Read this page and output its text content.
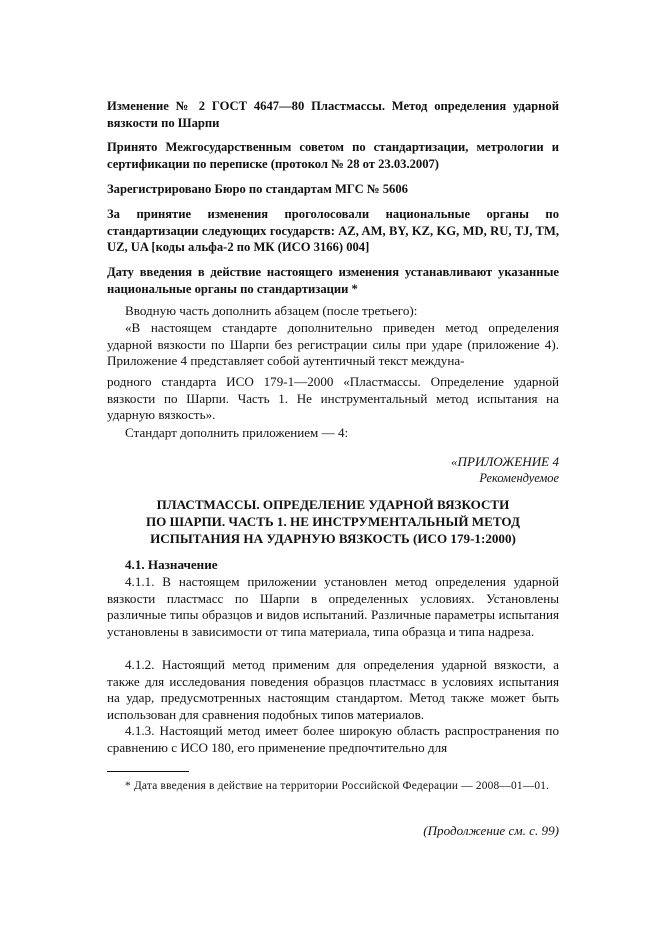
Изменение № 2 ГОСТ 4647—80 Пластмассы. Метод определения ударной вязкости по Шарпи

Принято Межгосударственным советом по стандартизации, метрологии и сертификации по переписке (протокол № 28 от 23.03.2007)

Зарегистрировано Бюро по стандартам МГС № 5606

За принятие изменения проголосовали национальные органы по стандартизации следующих государств: AZ, AM, BY, KZ, KG, MD, RU, TJ, TM, UZ, UA [коды альфа-2 по МК (ИСО 3166) 004]

Дату введения в действие настоящего изменения устанавливают указанные национальные органы по стандартизации *

Вводную часть дополнить абзацем (после третьего):

«В настоящем стандарте дополнительно приведен метод определения ударной вязкости по Шарпи без регистрации силы при ударе (приложение 4). Приложение 4 представляет собой аутентичный текст междуна-

родного стандарта ИСО 179-1—2000 «Пластмассы. Определение ударной вязкости по Шарпи. Часть 1. Не инструментальный метод испытания на ударную вязкость».

Стандарт дополнить приложением — 4:

«ПРИЛОЖЕНИЕ 4

Рекомендуемое

ПЛАСТМАССЫ. ОПРЕДЕЛЕНИЕ УДАРНОЙ ВЯЗКОСТИ
ПО ШАРПИ. ЧАСТЬ 1. НЕ ИНСТРУМЕНТАЛЬНЫЙ МЕТОД
ИСПЫТАНИЯ НА УДАРНУЮ ВЯЗКОСТЬ (ИСО 179-1:2000)

4.1. Назначение

4.1.1. В настоящем приложении установлен метод определения ударной вязкости пластмасс по Шарпи в определенных условиях. Установлены различные типы образцов и видов испытаний. Различные параметры испытания установлены в зависимости от типа материала, типа образца и типа надреза.

4.1.2. Настоящий метод применим для определения ударной вязкости, а также для исследования поведения образцов пластмасс в условиях испытания на удар, предусмотренных настоящим стандартом. Метод также может быть использован для сравнения подобных типов материалов.

4.1.3. Настоящий метод имеет более широкую область распространения по сравнению с ИСО 180, его применение предпочтительно для

* Дата введения в действие на территории Российской Федерации — 2008—01—01.

(Продолжение см. с. 99)
